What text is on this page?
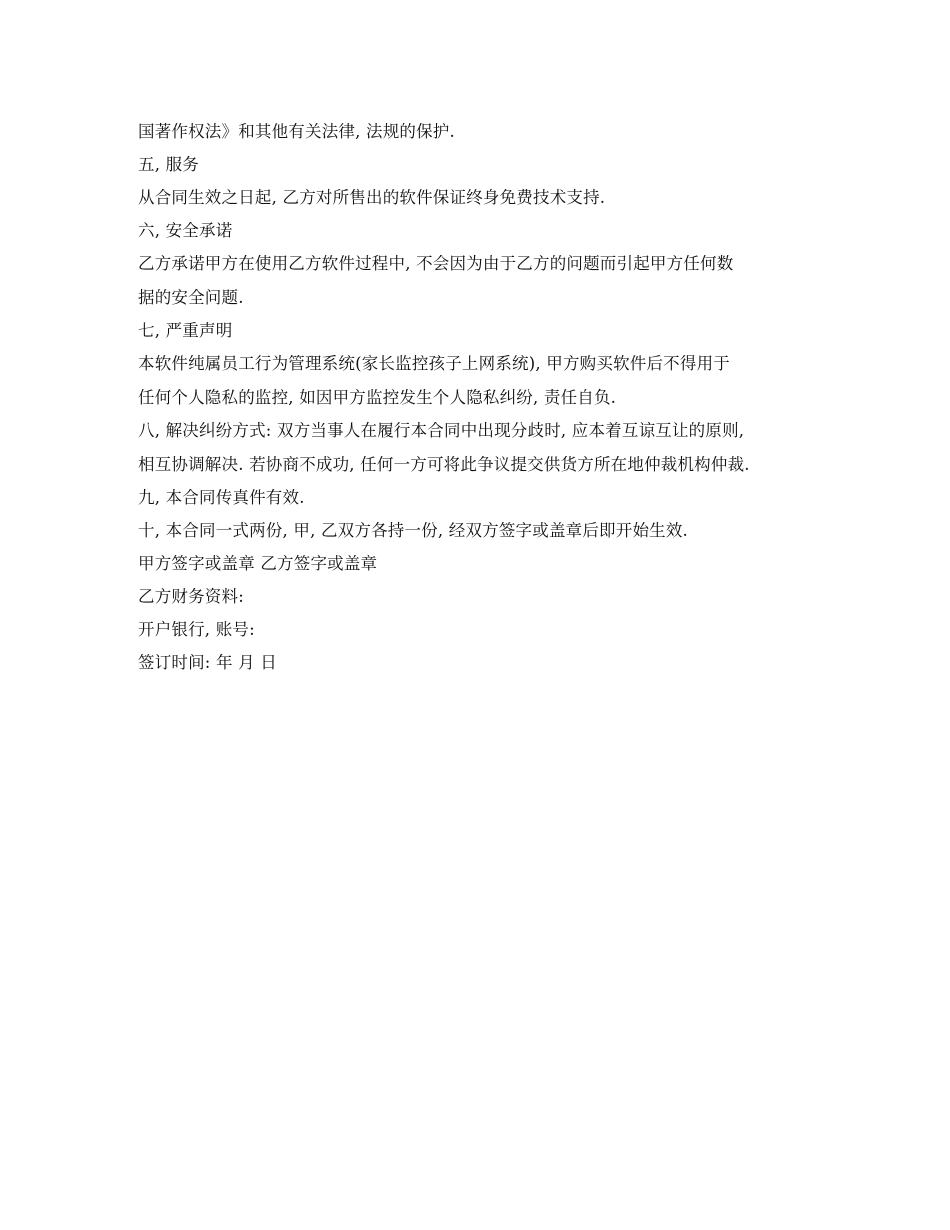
国著作权法》和其他有关法律, 法规的保护.
五, 服务
从合同生效之日起, 乙方对所售出的软件保证终身免费技术支持.
六, 安全承诺
乙方承诺甲方在使用乙方软件过程中, 不会因为由于乙方的问题而引起甲方任何数
据的安全问题.
七, 严重声明
本软件纯属员工行为管理系统(家长监控孩子上网系统), 甲方购买软件后不得用于
任何个人隐私的监控, 如因甲方监控发生个人隐私纠纷, 责任自负.
八, 解决纠纷方式: 双方当事人在履行本合同中出现分歧时, 应本着互谅互让的原则,
相互协调解决. 若协商不成功, 任何一方可将此争议提交供货方所在地仲裁机构仲裁.
九, 本合同传真件有效.
十, 本合同一式两份, 甲, 乙双方各持一份, 经双方签字或盖章后即开始生效.
甲方签字或盖章 乙方签字或盖章
乙方财务资料:
开户银行, 账号:
签订时间: 年 月 日
